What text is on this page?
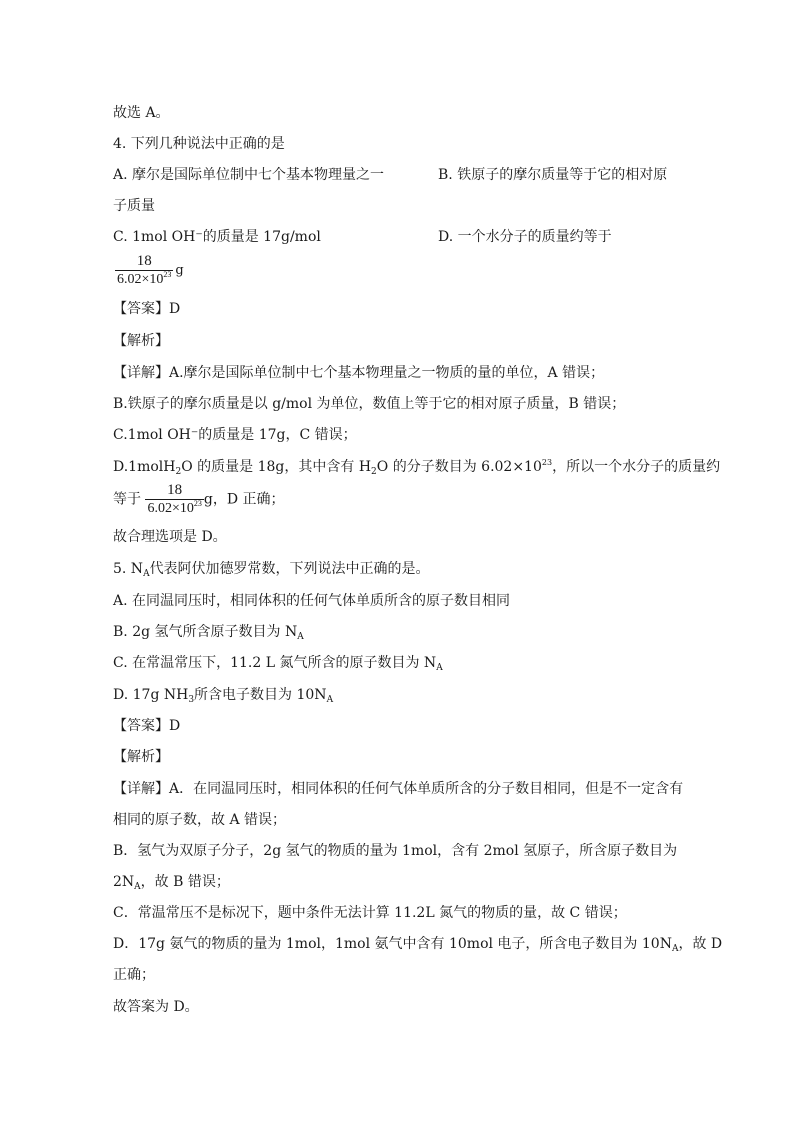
故选 A。
4. 下列几种说法中正确的是
A. 摩尔是国际单位制中七个基本物理量之一	B. 铁原子的摩尔质量等于它的相对原
子质量
C. 1mol OH⁻的质量是 17g/mol	D. 一个水分子的质量约等于
$\frac{18}{6.02\times 10^{23}}$ g
【答案】D
【解析】
【详解】A.摩尔是国际单位制中七个基本物理量之一物质的量的单位，A 错误；
B.铁原子的摩尔质量是以 g/mol 为单位，数值上等于它的相对原子质量，B 错误；
C.1mol OH⁻的质量是 17g，C 错误；
D.1molH$_2$O 的质量是 18g，其中含有 $H_2O$ 的分子数目为 $6.02\times 10^{23}$，所以一个水分子的质量约
等于 $\frac{18}{6.02\times 10^{23}}$ g，D 正确；
故合理选项是 D。
5. $N_A$代表阿伏加德罗常数，下列说法中正确的是。
A. 在同温同压时，相同体积的任何气体单质所含的原子数目相同
B. 2g 氢气所含原子数目为 $N_A$
C. 在常温常压下，11.2 L 氮气所含的原子数目为 $N_A$
D. 17g $NH_3$所含电子数目为 $10N_A$
【答案】D
【解析】
【详解】A．在同温同压时，相同体积的任何气体单质所含的分子数目相同，但是不一定含有
相同的原子数，故 A 错误；
B．氢气为双原子分子，2g 氢气的物质的量为 1mol，含有 2mol 氢原子，所含原子数目为
$2N_A$，故 B 错误；
C．常温常压不是标况下，题中条件无法计算 11.2L 氮气的物质的量，故 C 错误；
D．17g 氨气的物质的量为 1mol，1mol 氨气中含有 10mol 电子，所含电子数目为 $10N_A$，故 D
正确；
故答案为 D。
